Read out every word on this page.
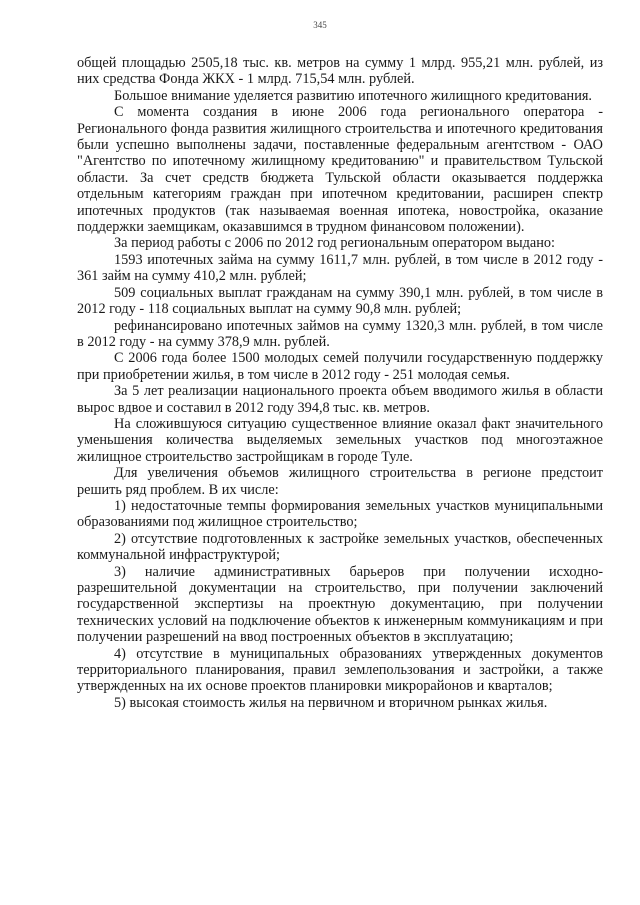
345

общей площадью 2505,18 тыс. кв. метров на сумму 1 млрд. 955,21 млн. рублей, из них средства Фонда ЖКХ - 1 млрд. 715,54 млн. рублей.

Большое внимание уделяется развитию ипотечного жилищного кредитования.

С момента создания в июне 2006 года регионального оператора - Регионального фонда развития жилищного строительства и ипотечного кредитования были успешно выполнены задачи, поставленные федеральным агентством - ОАО "Агентство по ипотечному жилищному кредитованию" и правительством Тульской области. За счет средств бюджета Тульской области оказывается поддержка отдельным категориям граждан при ипотечном кредитовании, расширен спектр ипотечных продуктов (так называемая военная ипотека, новостройка, оказание поддержки заемщикам, оказавшимся в трудном финансовом положении).

За период работы с 2006 по 2012 год региональным оператором выдано:

1593 ипотечных займа на сумму 1611,7 млн. рублей, в том числе в 2012 году - 361 займ на сумму 410,2 млн. рублей;

509 социальных выплат гражданам на сумму 390,1 млн. рублей, в том числе в 2012 году - 118 социальных выплат на сумму 90,8 млн. рублей;

рефинансировано ипотечных займов на сумму 1320,3 млн. рублей, в том числе в 2012 году - на сумму 378,9 млн. рублей.

С 2006 года более 1500 молодых семей получили государственную поддержку при приобретении жилья, в том числе в 2012 году - 251 молодая семья.

За 5 лет реализации национального проекта объем вводимого жилья в области вырос вдвое и составил в 2012 году 394,8 тыс. кв. метров.

На сложившуюся ситуацию существенное влияние оказал факт значительного уменьшения количества выделяемых земельных участков под многоэтажное жилищное строительство застройщикам в городе Туле.

Для увеличения объемов жилищного строительства в регионе предстоит решить ряд проблем. В их числе:

1) недостаточные темпы формирования земельных участков муниципальными образованиями под жилищное строительство;

2) отсутствие подготовленных к застройке земельных участков, обеспеченных коммунальной инфраструктурой;

3) наличие административных барьеров при получении исходно-разрешительной документации на строительство, при получении заключений государственной экспертизы на проектную документацию, при получении технических условий на подключение объектов к инженерным коммуникациям и при получении разрешений на ввод построенных объектов в эксплуатацию;

4) отсутствие в муниципальных образованиях утвержденных документов территориального планирования, правил землепользования и застройки, а также утвержденных на их основе проектов планировки микрорайонов и кварталов;

5) высокая стоимость жилья на первичном и вторичном рынках жилья.
